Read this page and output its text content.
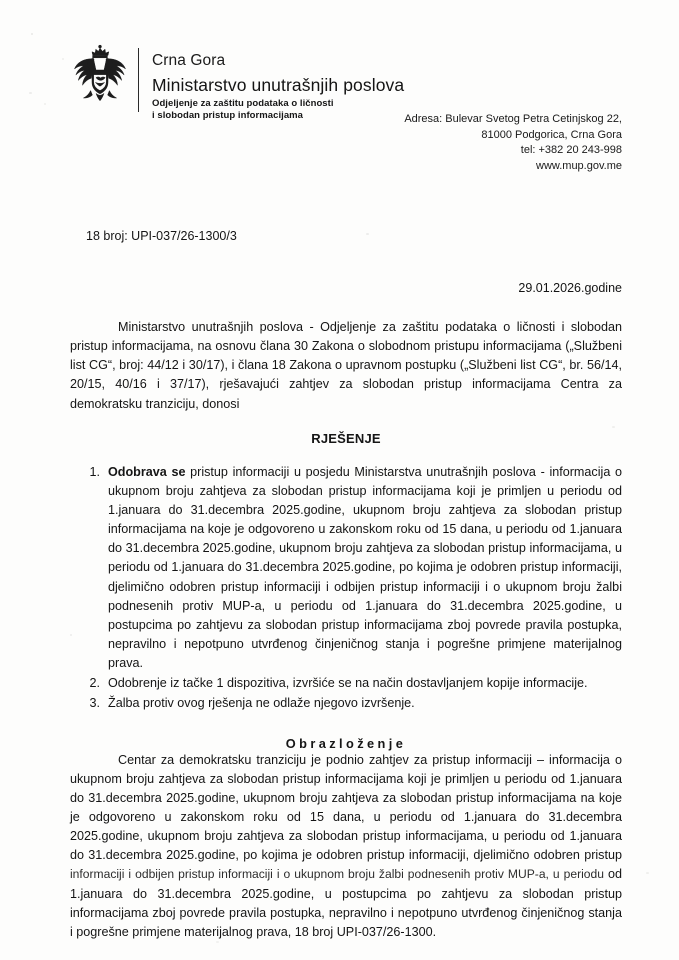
Crna Gora
Ministarstvo unutrašnjih poslova
Odjeljenje za zaštitu podataka o ličnosti
i slobodan pristup informacijama	Adresa: Bulevar Svetog Petra Cetinjskog 22,
81000 Podgorica, Crna Gora
tel: +382 20 243-998
www.mup.gov.me
18 broj: UPI-037/26-1300/3
29.01.2026.godine

Ministarstvo unutrašnjih poslova - Odjeljenje za zaštitu podataka o ličnosti i slobodan pristup informacijama, na osnovu člana 30 Zakona o slobodnom pristupu informacijama („Službeni list CG“, broj: 44/12 i 30/17), i člana 18 Zakona o upravnom postupku („Službeni list CG“, br. 56/14, 20/15, 40/16 i 37/17), rješavajući zahtjev za slobodan pristup informacijama Centra za demokratsku tranziciju, donosi

RJEŠENJE
Odobrava se pristup informaciji u posjedu Ministarstva unutrašnjih poslova - informacija o ukupnom broju zahtjeva za slobodan pristup informacijama koji je primljen u periodu od 1.januara do 31.decembra 2025.godine, ukupnom broju zahtjeva za slobodan pristup informacijama na koje je odgovoreno u zakonskom roku od 15 dana, u periodu od 1.januara do 31.decembra 2025.godine, ukupnom broju zahtjeva za slobodan pristup informacijama, u periodu od 1.januara do 31.decembra 2025.godine, po kojima je odobren pristup informaciji, djelimično odobren pristup informaciji i odbijen pristup informaciji i o ukupnom broju žalbi podnesenih protiv MUP-a, u periodu od 1.januara do 31.decembra 2025.godine, u postupcima po zahtjevu za slobodan pristup informacijama zboj povrede pravila postupka, nepravilno i nepotpuno utvrđenog činjeničnog stanja i pogrešne primjene materijalnog prava.
Odobrenje iz tačke 1 dispozitiva, izvršiće se na način dostavljanjem kopije informacije.
Žalba protiv ovog rješenja ne odlaže njegovo izvršenje.
Obrazloženje

Centar za demokratsku tranziciju je podnio zahtjev za pristup informaciji – informacija o ukupnom broju zahtjeva za slobodan pristup informacijama koji je primljen u periodu od 1.januara do 31.decembra 2025.godine, ukupnom broju zahtjeva za slobodan pristup informacijama na koje je odgovoreno u zakonskom roku od 15 dana, u periodu od 1.januara do 31.decembra 2025.godine, ukupnom broju zahtjeva za slobodan pristup informacijama, u periodu od 1.januara do 31.decembra 2025.godine, po kojima je odobren pristup informaciji, djelimično odobren pristup informaciji i odbijen pristup informaciji i o ukupnom broju žalbi podnesenih protiv MUP-a, u periodu od 1.januara do 31.decembra 2025.godine, u postupcima po zahtjevu za slobodan pristup informacijama zboj povrede pravila postupka, nepravilno i nepotpuno utvrđenog činjeničnog stanja i pogrešne primjene materijalnog prava, 18 broj UPI-037/26-1300.
